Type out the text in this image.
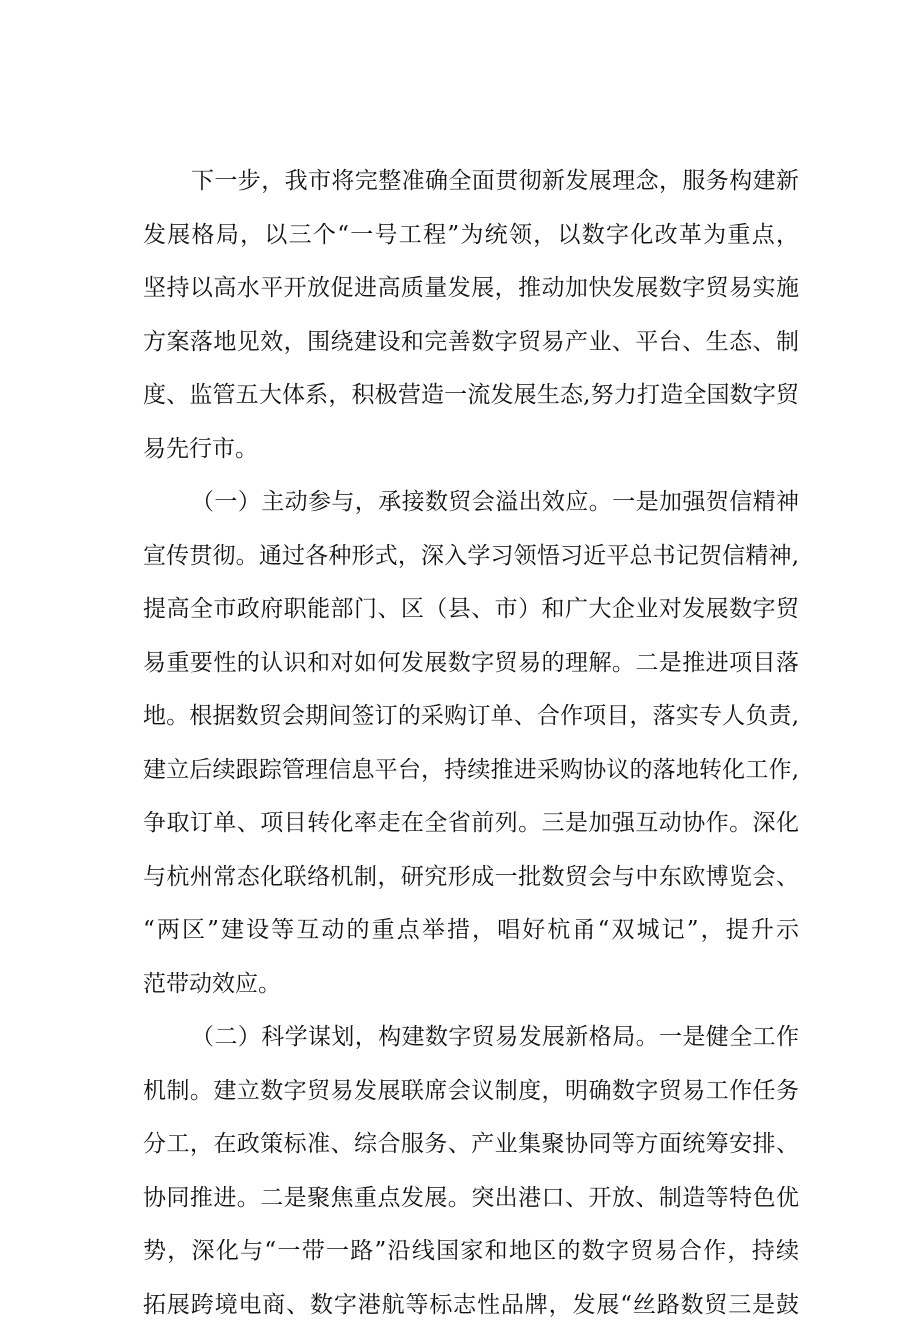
下一步，我市将完整准确全面贯彻新发展理念，服务构建新
发展格局，以三个“一号工程”为统领，以数字化改革为重点，
坚持以高水平开放促进高质量发展，推动加快发展数字贸易实施
方案落地见效，围绕建设和完善数字贸易产业、平台、生态、制
度、监管五大体系，积极营造一流发展生态,努力打造全国数字贸
易先行市。
（一）主动参与，承接数贸会溢出效应。一是加强贺信精神
宣传贯彻。通过各种形式，深入学习领悟习近平总书记贺信精神,
提高全市政府职能部门、区（县、市）和广大企业对发展数字贸
易重要性的认识和对如何发展数字贸易的理解。二是推进项目落
地。根据数贸会期间签订的采购订单、合作项目，落实专人负责,
建立后续跟踪管理信息平台，持续推进采购协议的落地转化工作,
争取订单、项目转化率走在全省前列。三是加强互动协作。深化
与杭州常态化联络机制，研究形成一批数贸会与中东欧博览会、
“两区”建设等互动的重点举措，唱好杭甬“双城记”，提升示
范带动效应。
（二）科学谋划，构建数字贸易发展新格局。一是健全工作
机制。建立数字贸易发展联席会议制度，明确数字贸易工作任务
分工，在政策标准、综合服务、产业集聚协同等方面统筹安排、
协同推进。二是聚焦重点发展。突出港口、开放、制造等特色优
势，深化与“一带一路”沿线国家和地区的数字贸易合作，持续
拓展跨境电商、数字港航等标志性品牌，发展“丝路数贸三是鼓
